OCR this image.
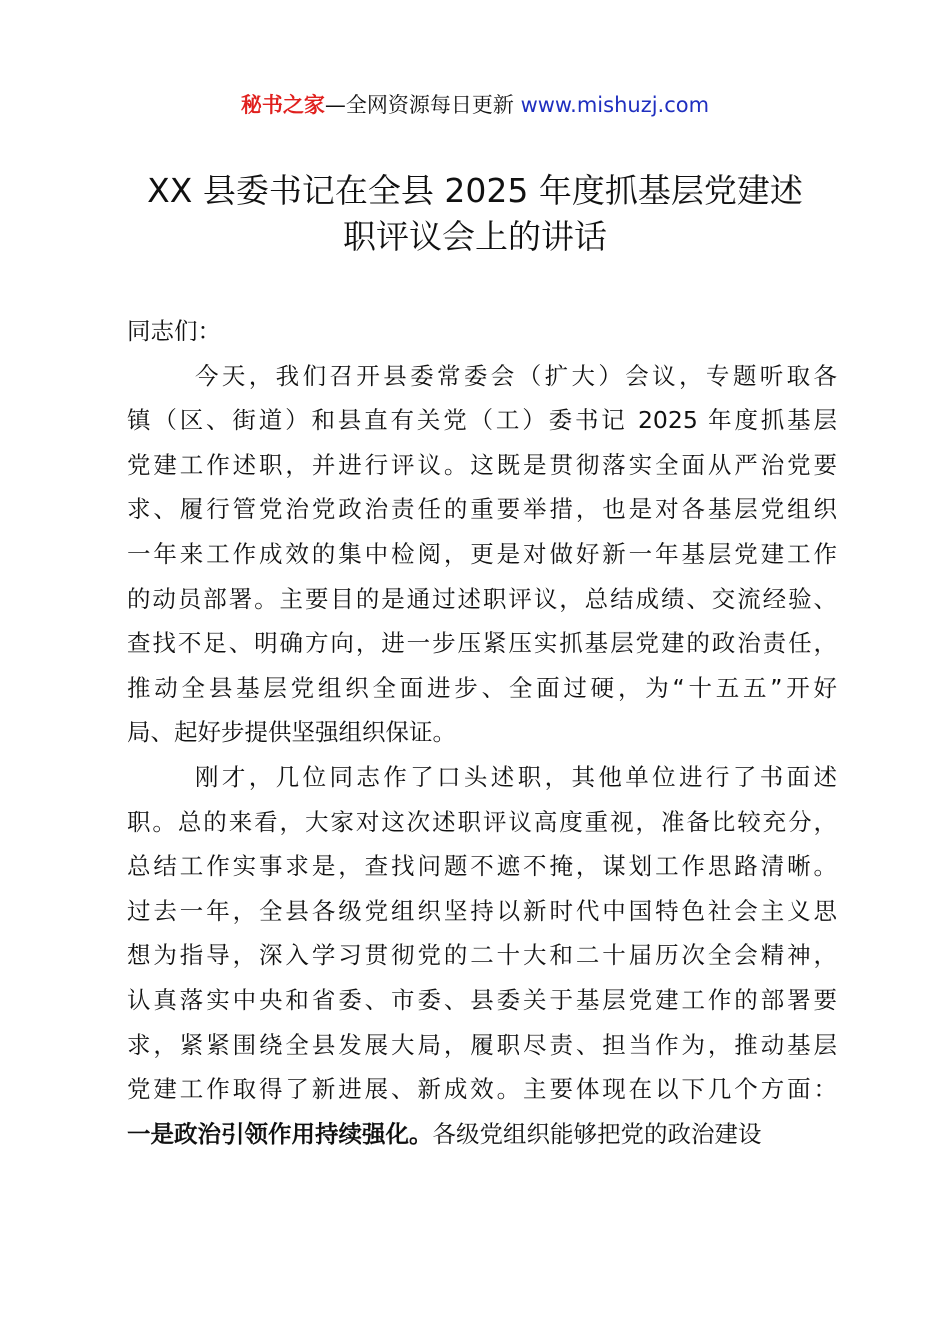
秘书之家—全网资源每日更新 www.mishuzj.com
XX 县委书记在全县 2025 年度抓基层党建述
职评议会上的讲话
同志们：
今天，我们召开县委常委会（扩大）会议，专题听取各
镇（区、街道）和县直有关党（工）委书记 2025 年度抓基层
党建工作述职，并进行评议。这既是贯彻落实全面从严治党要
求、履行管党治党政治责任的重要举措，也是对各基层党组织
一年来工作成效的集中检阅，更是对做好新一年基层党建工作
的动员部署。主要目的是通过述职评议，总结成绩、交流经验、
查找不足、明确方向，进一步压紧压实抓基层党建的政治责任，
推动全县基层党组织全面进步、全面过硬，为“十五五”开好
局、起好步提供坚强组织保证。
刚才，几位同志作了口头述职，其他单位进行了书面述
职。总的来看，大家对这次述职评议高度重视，准备比较充分，
总结工作实事求是，查找问题不遮不掩，谋划工作思路清晰。
过去一年，全县各级党组织坚持以新时代中国特色社会主义思
想为指导，深入学习贯彻党的二十大和二十届历次全会精神，
认真落实中央和省委、市委、县委关于基层党建工作的部署要
求，紧紧围绕全县发展大局，履职尽责、担当作为，推动基层
党建工作取得了新进展、新成效。主要体现在以下几个方面：
一是政治引领作用持续强化。各级党组织能够把党的政治建设
